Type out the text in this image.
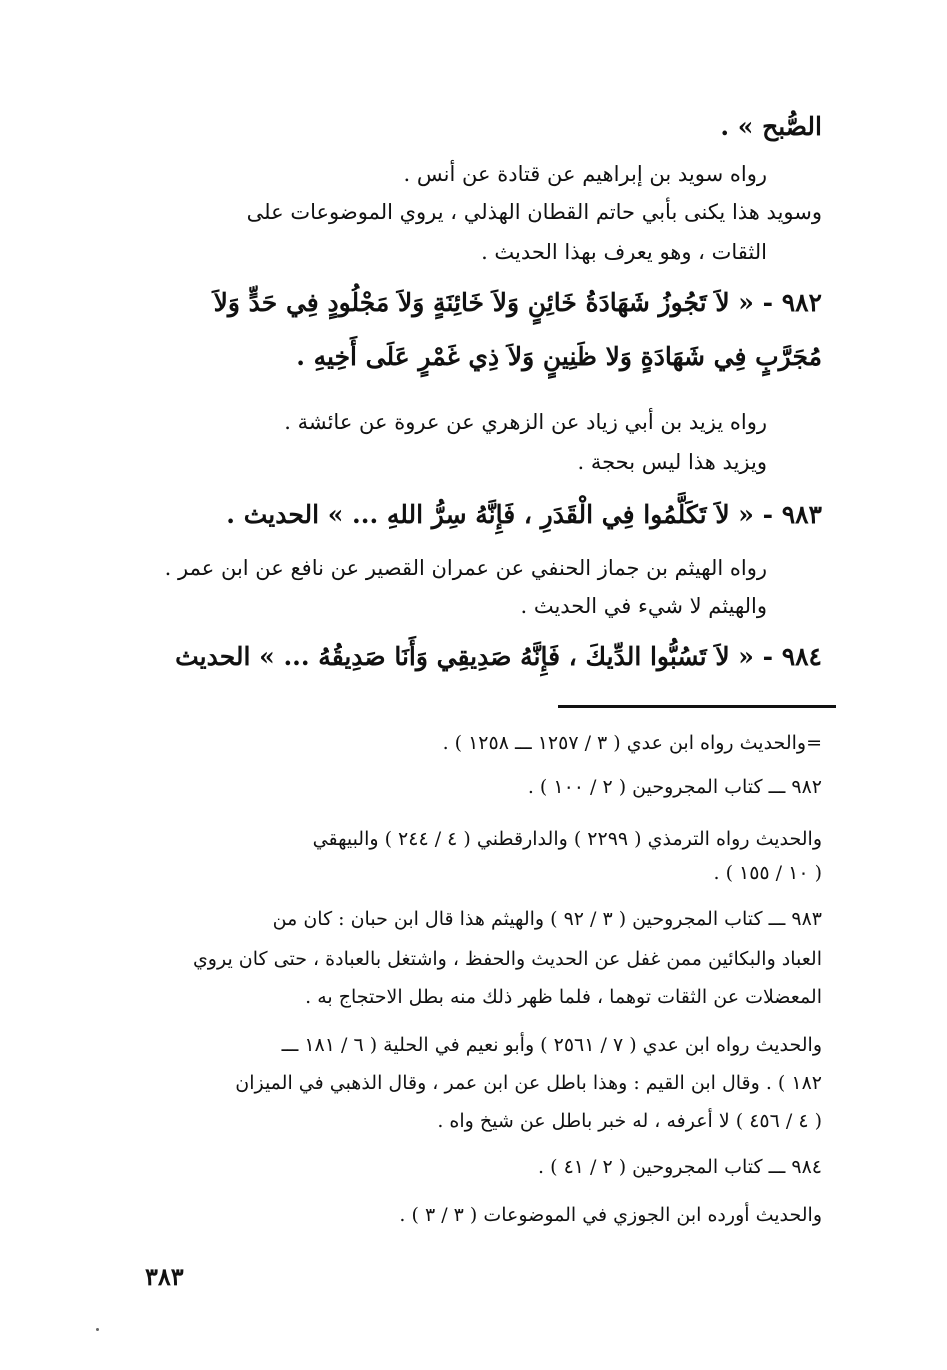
الصُّبح » .
رواه سويد بن إبراهيم عن قتادة عن أنس .
وسويد هذا يكنى بأبي حاتم القطان الهذلي ، يروي الموضوعات على
الثقات ، وهو يعرف بهذا الحديث .
٩٨٢ - « لاَ تَجُوزُ شَهَادَةُ خَائِنٍ وَلاَ خَائِنَةٍ وَلاَ مَجْلُودٍ فِي حَدٍّ وَلاَ
مُجَرَّبٍ فِي شَهَادَةٍ وَلا ظَنِينٍ وَلاَ ذِي غَمْرٍ عَلَى أَخِيهِ .
رواه يزيد بن أبي زياد عن الزهري عن عروة عن عائشة .
ويزيد هذا ليس بحجة .
٩٨٣ - « لاَ تَكَلَّمُوا فِي الْقَدَرِ ، فَإِنَّهُ سِرُّ اللهِ ... » الحديث .
رواه الهيثم بن جماز الحنفي عن عمران القصير عن نافع عن ابن عمر .
والهيثم لا شيء في الحديث .
٩٨٤ - « لاَ تَسُبُّوا الدِّيكَ ، فَإِنَّهُ صَدِيقِي وَأَنَا صَدِيقُهُ ... » الحديث
=والحديث رواه ابن عدي ( ٣ / ١٢٥٧ ـــ ١٢٥٨ ) .
٩٨٢ ـــ كتاب المجروحين ( ٢ / ١٠٠ ) .
والحديث رواه الترمذي ( ٢٢٩٩ ) والدارقطني ( ٤ / ٢٤٤ ) والبيهقي
( ١٠ / ١٥٥ ) .
٩٨٣ ـــ كتاب المجروحين ( ٣ / ٩٢ ) والهيثم هذا قال ابن حبان : كان من
العباد والبكائين ممن غفل عن الحديث والحفظ ، واشتغل بالعبادة ، حتى كان يروي
المعضلات عن الثقات توهما ، فلما ظهر ذلك منه بطل الاحتجاج به .
والحديث رواه ابن عدي ( ٧ / ٢٥٦١ ) وأبو نعيم في الحلية ( ٦ / ١٨١ ـــ
١٨٢ ) . وقال ابن القيم : وهذا باطل عن ابن عمر ، وقال الذهبي في الميزان
( ٤ / ٤٥٦ ) لا أعرفه ، له خبر باطل عن شيخ واه .
٩٨٤ ـــ كتاب المجروحين ( ٢ / ٤١ ) .
والحديث أورده ابن الجوزي في الموضوعات ( ٣ / ٣ ) .
٣٨٣
